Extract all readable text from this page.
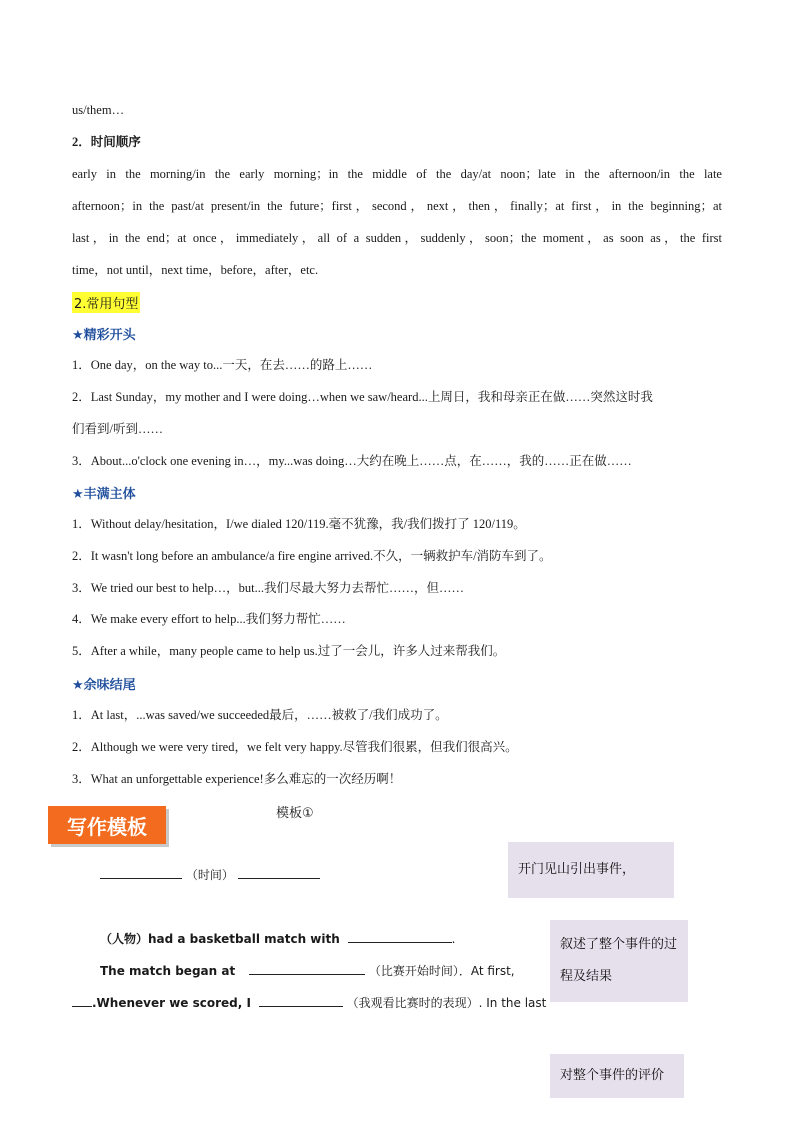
us/them…
2．时间顺序
early in the morning/in the early morning；in the middle of the day/at noon；late in the afternoon/in the late
afternoon；in the past/at present/in the future；first，second，next，then，finally；at first，in the beginning；at
last，in the end；at once，immediately，all of a sudden，suddenly，soon；the moment，as soon as，the first
time，not until，next time，before，after，etc.
2.常用句型
★精彩开头
1．One day，on the way to...一天，在去……的路上……
2．Last Sunday，my mother and I were doing…when we saw/heard...上周日，我和母亲正在做……突然这时我
们看到/听到……
3．About...o'clock one evening in…，my...was doing…大约在晚上……点，在……，我的……正在做……
★丰满主体
1．Without delay/hesitation，I/we dialed 120/119.毫不犹豫，我/我们拨打了 120/119。
2．It wasn't long before an ambulance/a fire engine arrived.不久，一辆救护车/消防车到了。
3．We tried our best to help…，but...我们尽最大努力去帮忙……，但……
4．We make every effort to help...我们努力帮忙……
5．After a while，many people came to help us.过了一会儿，许多人过来帮我们。
★余味结尾
1．At last，...was saved/we succeeded最后，……被救了/我们成功了。
2．Although we were very tired，we felt very happy.尽管我们很累，但我们很高兴。
3．What an unforgettable experience!多么难忘的一次经历啊！
写作模板
模板①
（时间）
（人物）had a basketball match with	.
The match began at	（比赛开始时间）．At first,
.Whenever we scored, I	（我观看比赛时的表现）. In the last
开门见山引出事件，
叙述了整个事件的过程及结果
对整个事件的评价
